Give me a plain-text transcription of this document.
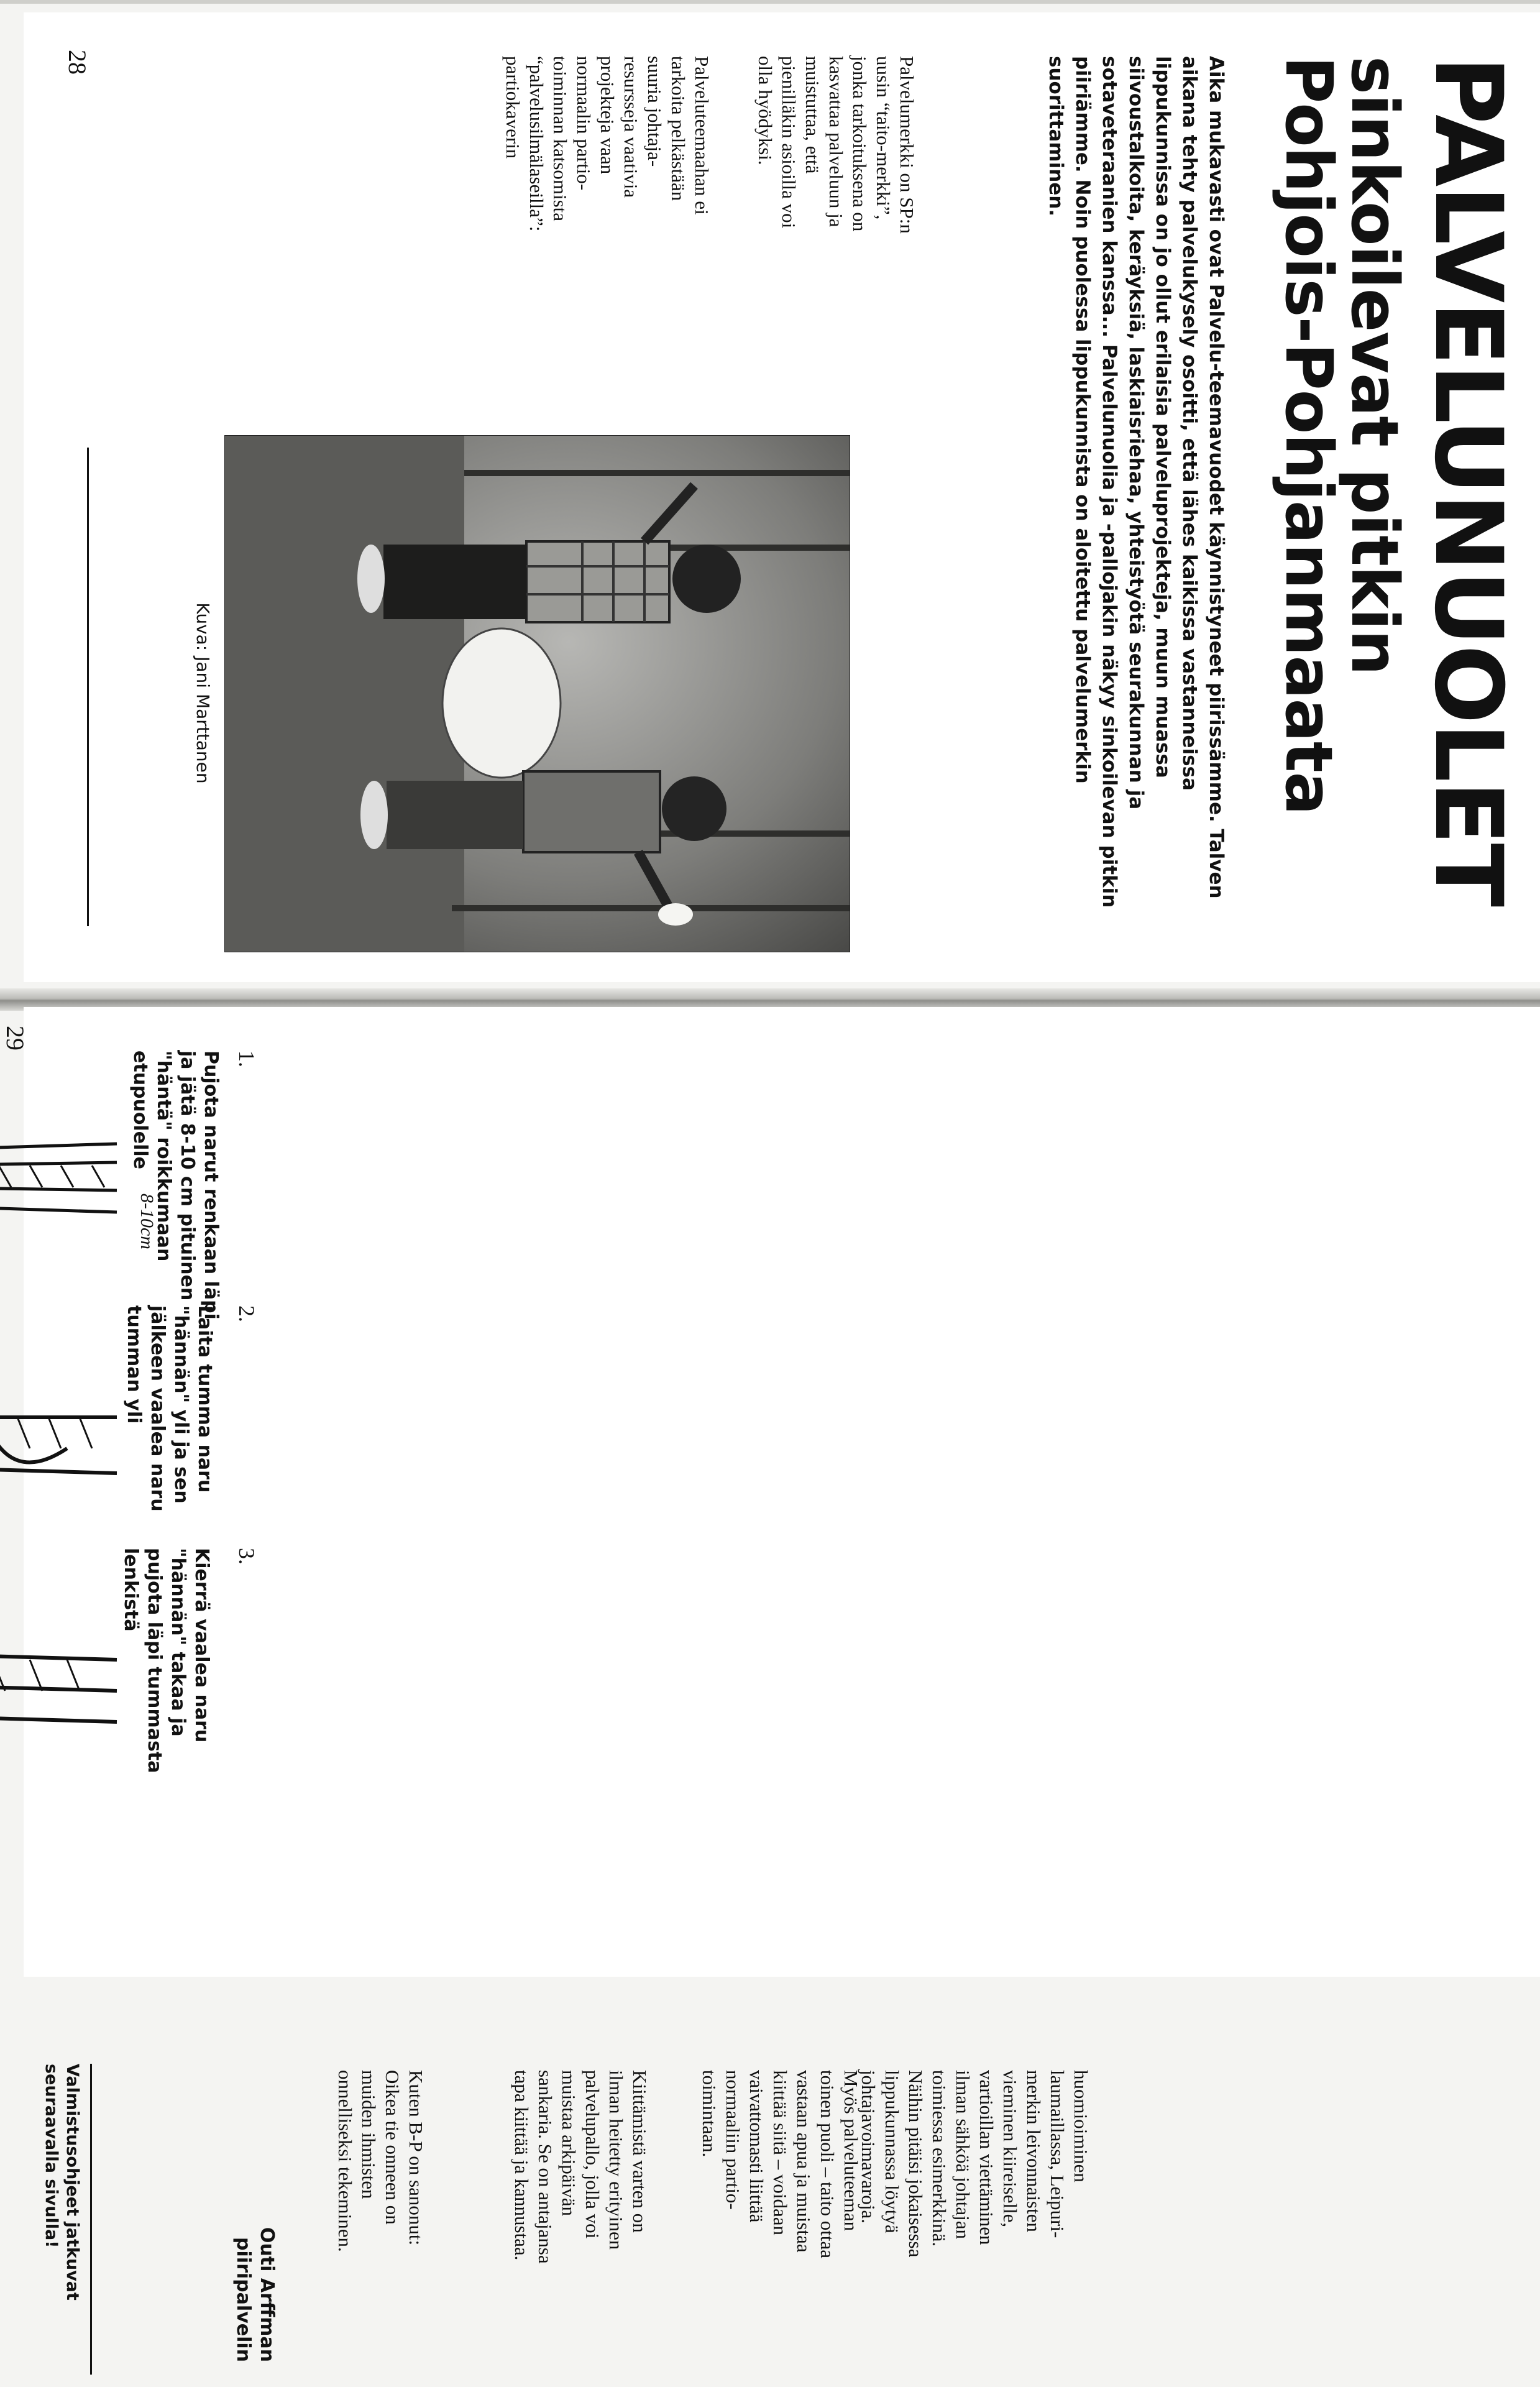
PALVELUNUOLET
sinkoilevat pitkin
Pohjois-Pohjanmaata

Aika mukavasti ovat Palvelu-teemavuodet käynnistyneet piirissämme. Talven aikana tehty palvelukysely osoitti, että lähes kaikissa vastanneissa lippukunnissa on jo ollut erilaisia palveluprojekteja, muun muassa siivoustalkoita, keräyksiä, laskiaisriehaa, yhteistyötä seurakunnan ja sotaveteraanien kanssa... Palvelunuolia ja -pallojakin näkyy sinkoilevan pitkin piiriämme. Noin puolessa lippukunnista on aloitettu palvelumerkin suorittaminen.

Palvelumerkki on SP:n uusin “taito-merkki”, jonka tarkoituksena on kasvattaa palveluun ja muistuttaa, että pienilläkin asioilla voi olla hyödyksi.

Palveluteemaahan ei tarkoita pelkästään suuria johtaja-resursseja vaativia projekteja vaan normaalin partio-toiminnan katsomista “palvelusilmälaseilla”: partiokaverin

Kuva: Jani Marttanen

28

1.

Pujota narut renkaan läpi ja jätä 8-10 cm pituinen "häntä" roikkumaan etupuolelle

8-10cm

2.

Laita tumma naru "hännän" yli ja sen jälkeen vaalea naru tumman yli

3.

Kierrä vaalea naru "hännän" takaa ja pujota läpi tummasta lenkistä

huomioiminen laumaillassa, Leipuri-merkin leivonnaisten vieminen kiireiselle, vartioillan viettäminen ilman sähköä johtajan toimiessa esimerkkinä. Näihin pitäisi jokaisessa lippukunnassa löytyä johtajavoimavaroja.

Myös palveluteeman toinen puoli – taito ottaa vastaan apua ja muistaa kiittää siitä – voidaan vaivattomasti liittää normaaliin partio-toimintaan.

Kiittämistä varten on ilman heitetty erityinen palvelupallo, jolla voi muistaa arkipäivän sankaria. Se on antajansa tapa kiittää ja kannustaa.

Kuten B-P on sanonut: Oikea tie onneen on muiden ihmisten onnelliseksi tekeminen.

Outi Arffman
piiripalvelin

Valmistusohjeet jatkuvat seuraavalla sivulla!

29
